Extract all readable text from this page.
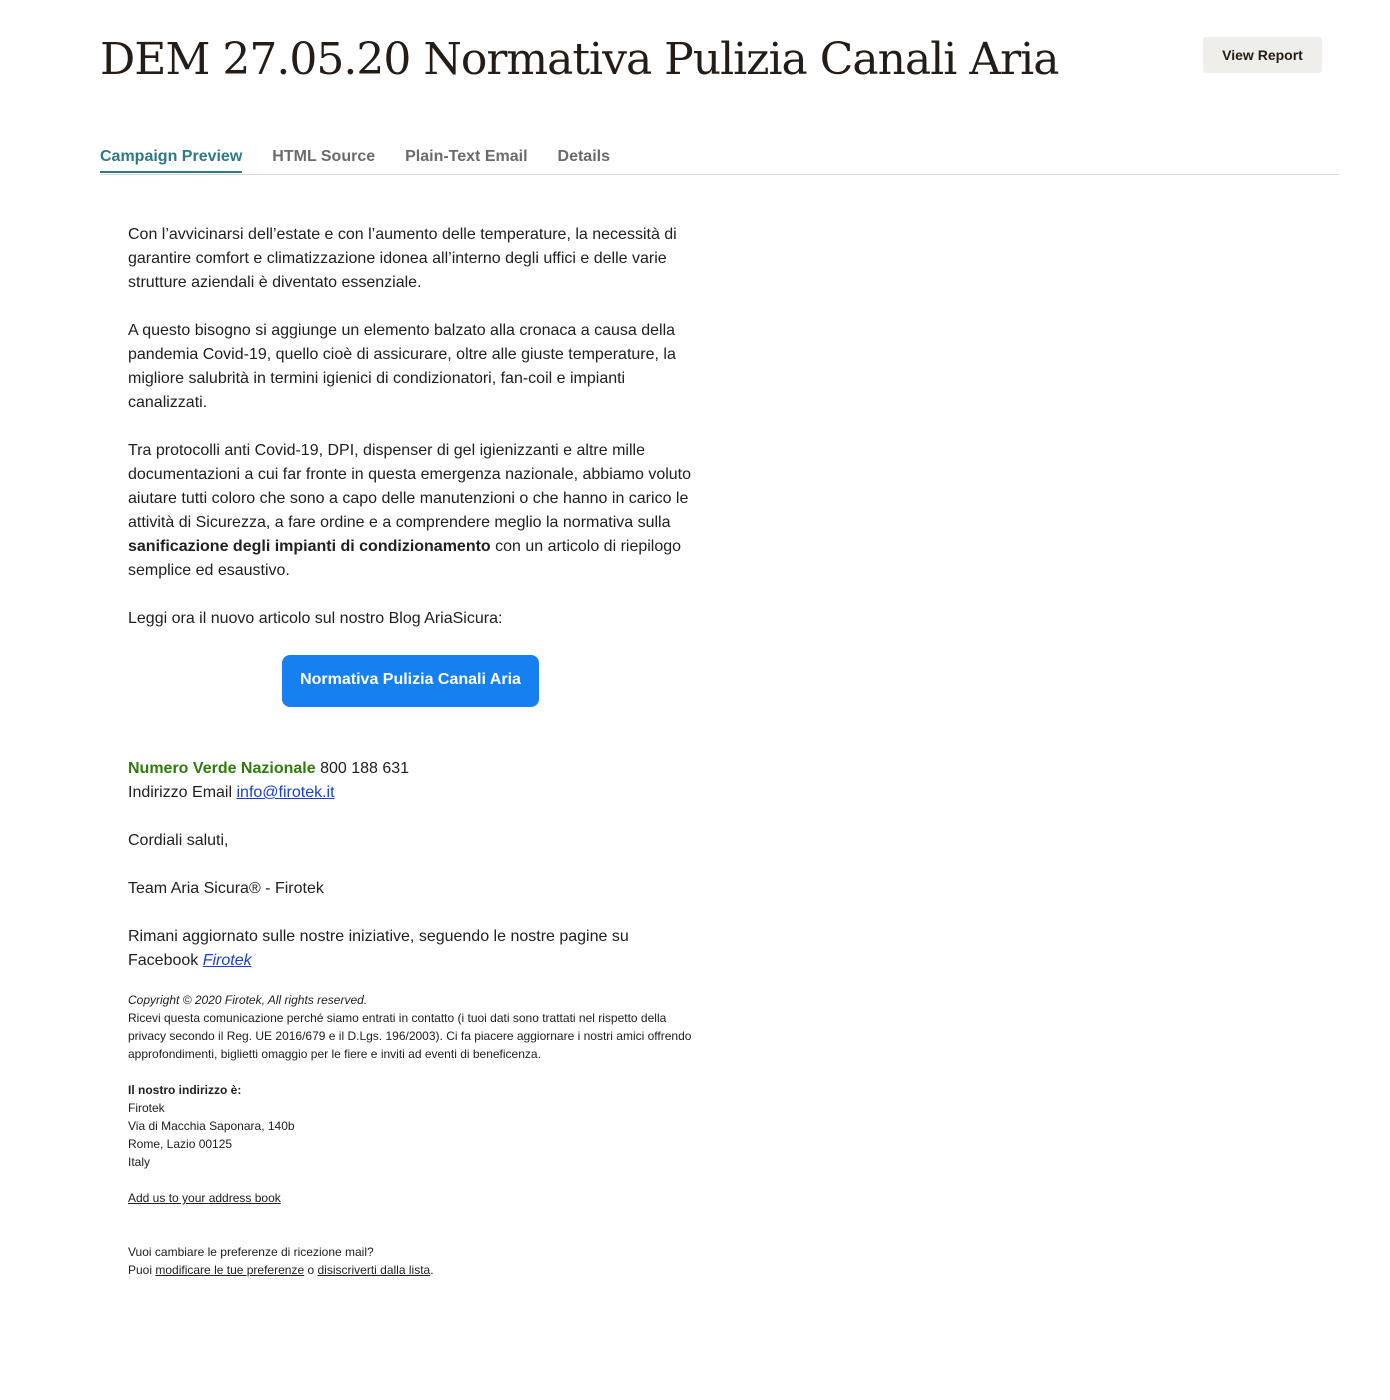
DEM 27.05.20 Normativa Pulizia Canali Aria	View Report
Campaign Preview HTML Source Plain-Text Email Details

Con l’avvicinarsi dell’estate e con l’aumento delle temperature, la necessità di garantire comfort e climatizzazione idonea all’interno degli uffici e delle varie strutture aziendali è diventato essenziale.

A questo bisogno si aggiunge un elemento balzato alla cronaca a causa della pandemia Covid-19, quello cioè di assicurare, oltre alle giuste temperature, la migliore salubrità in termini igienici di condizionatori, fan-coil e impianti canalizzati.

Tra protocolli anti Covid-19, DPI, dispenser di gel igienizzanti e altre mille documentazioni a cui far fronte in questa emergenza nazionale, abbiamo voluto aiutare tutti coloro che sono a capo delle manutenzioni o che hanno in carico le attività di Sicurezza, a fare ordine e a comprendere meglio la normativa sulla sanificazione degli impianti di condizionamento con un articolo di riepilogo semplice ed esaustivo.

Leggi ora il nuovo articolo sul nostro Blog AriaSicura:

Normativa Pulizia Canali Aria

Numero Verde Nazionale 800 188 631
Indirizzo Email info@firotek.it

Cordiali saluti,

Team Aria Sicura® - Firotek

Rimani aggiornato sulle nostre iniziative, seguendo le nostre pagine su Facebook Firotek

Copyright © 2020 Firotek, All rights reserved.
Ricevi questa comunicazione perché siamo entrati in contatto (i tuoi dati sono trattati nel rispetto della privacy secondo il Reg. UE 2016/679 e il D.Lgs. 196/2003). Ci fa piacere aggiornare i nostri amici offrendo approfondimenti, biglietti omaggio per le fiere e inviti ad eventi di beneficenza.

Il nostro indirizzo è:
Firotek
Via di Macchia Saponara, 140b
Rome, Lazio 00125
Italy

Add us to your address book

Vuoi cambiare le preferenze di ricezione mail?
Puoi modificare le tue preferenze o disiscriverti dalla lista.
